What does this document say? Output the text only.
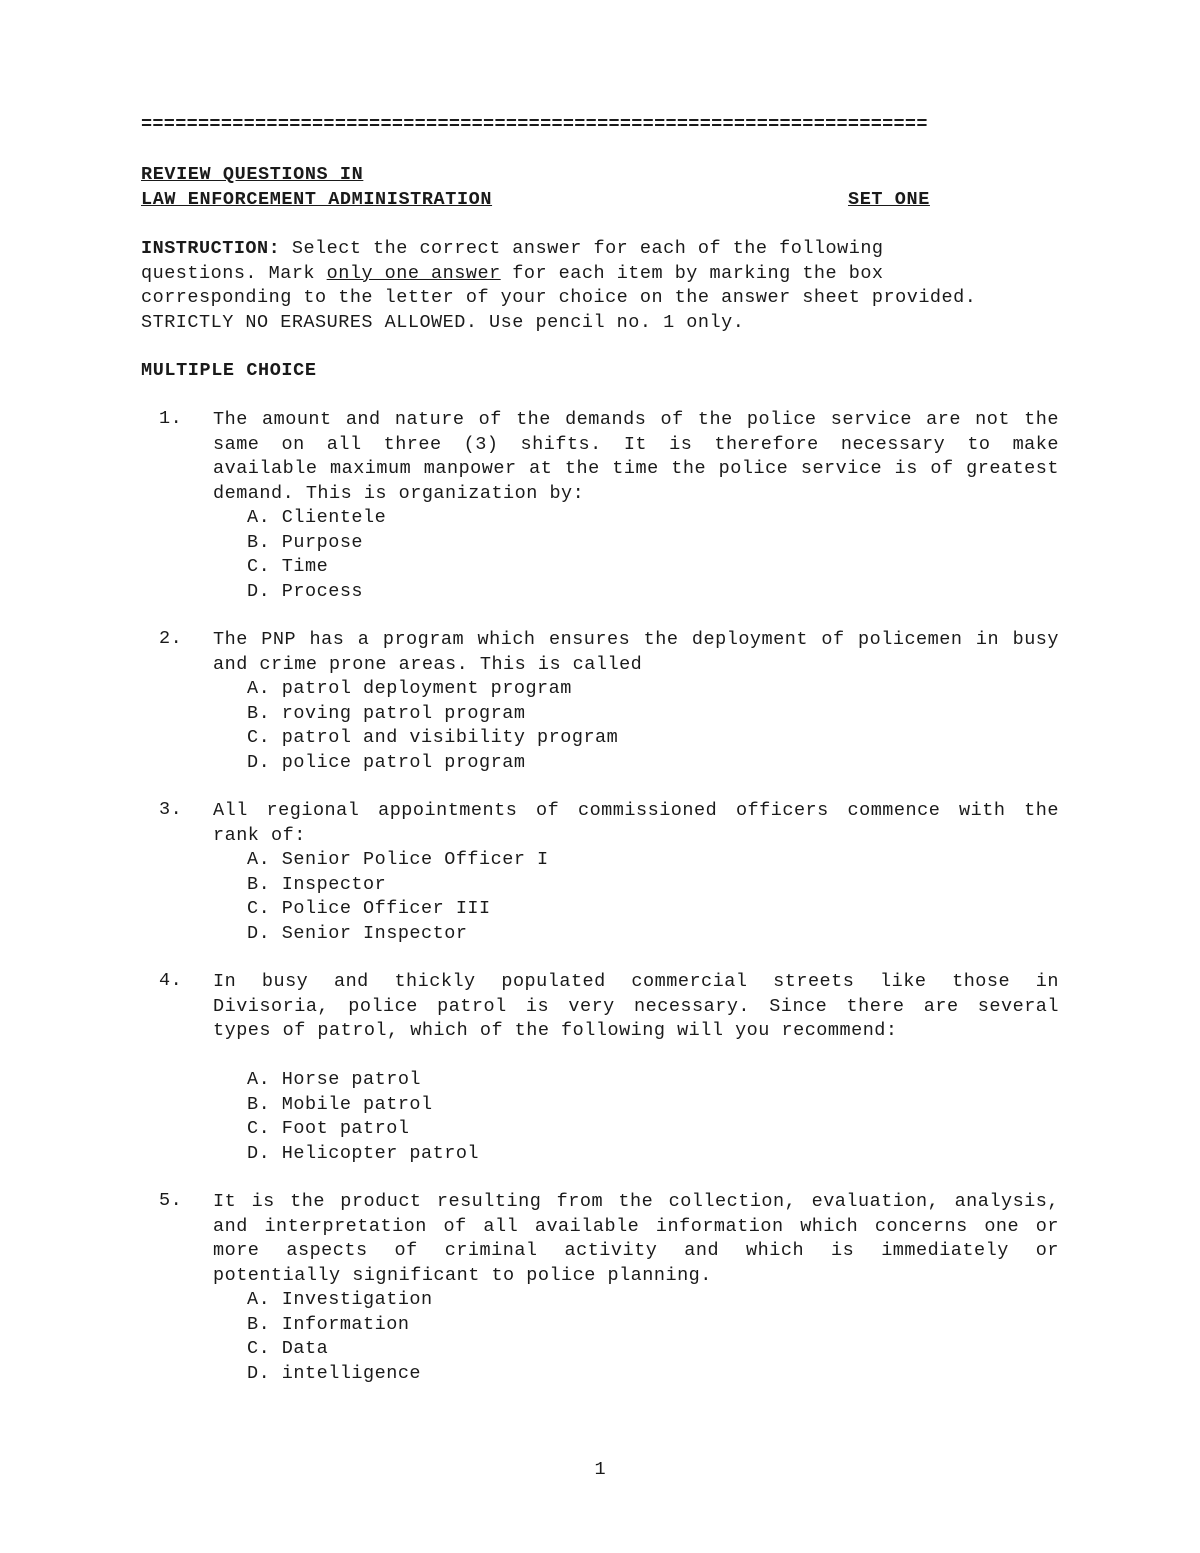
=====================================================================
REVIEW QUESTIONS IN
LAW ENFORCEMENT ADMINISTRATION	SET ONE
INSTRUCTION: Select the correct answer for each of the following questions. Mark only one answer for each item by marking the box corresponding to the letter of your choice on the answer sheet provided. STRICTLY NO ERASURES ALLOWED. Use pencil no. 1 only.
MULTIPLE CHOICE
1. The amount and nature of the demands of the police service are not the same on all three (3) shifts. It is therefore necessary to make available maximum manpower at the time the police service is of greatest demand. This is organization by:
A. Clientele
B. Purpose
C. Time
D. Process
2. The PNP has a program which ensures the deployment of policemen in busy and crime prone areas. This is called
A. patrol deployment program
B. roving patrol program
C. patrol and visibility program
D. police patrol program
3. All regional appointments of commissioned officers commence with the rank of:
A. Senior Police Officer I
B. Inspector
C. Police Officer III
D. Senior Inspector
4. In busy and thickly populated commercial streets like those in Divisoria, police patrol is very necessary. Since there are several types of patrol, which of the following will you recommend:
A. Horse patrol
B. Mobile patrol
C. Foot patrol
D. Helicopter patrol
5. It is the product resulting from the collection, evaluation, analysis, and interpretation of all available information which concerns one or more aspects of criminal activity and which is immediately or potentially significant to police planning.
A. Investigation
B. Information
C. Data
D. intelligence
1
